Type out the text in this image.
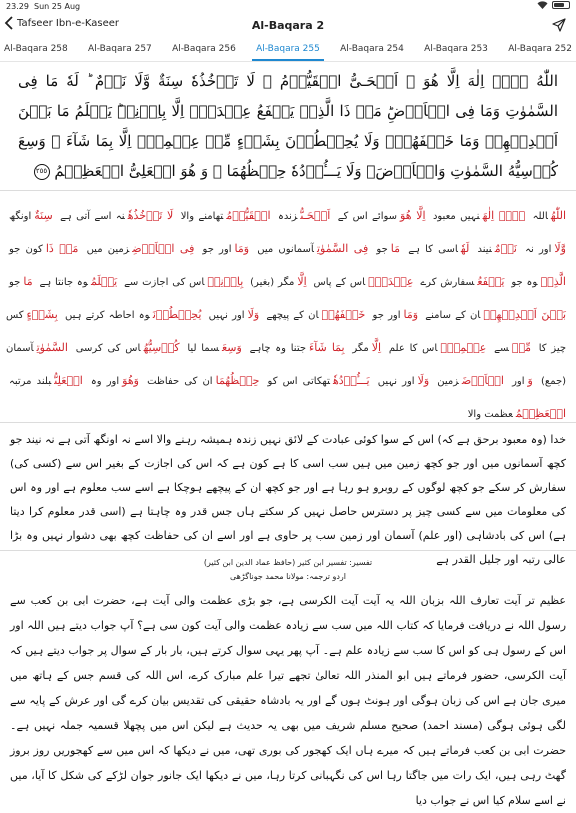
23.29 Sun 25 Aug
Tafseer Ibn-e-Kaseer	Al-Baqara 2
Al-Baqara 258	Al-Baqara 257	Al-Baqara 256	Al-Baqara 255	Al-Baqara 254	Al-Baqara 253	Al-Baqara 252
اللّٰهُ لَاۤ اِلٰهَ اِلَّا هُوَ ۚ اَلۡحَـىُّ الۡقَيُّوۡمُ ۚ لَا تَاۡخُذُهٗ سِنَةٌ وَّلَا نَوۡمٌ ‌ؕ لَهٗ مَا فِى السَّمٰوٰتِ وَمَا فِى الۡاَرۡضِ‌ؕ مَنۡ ذَا الَّذِىۡ يَشۡفَعُ عِنۡدَهٗۤ اِلَّا بِاِذۡنِهٖ‌ؕ يَعۡلَمُ مَا بَيۡنَ اَيۡدِيۡهِمۡ وَمَا خَلۡفَهُمۡ‌ۚ وَلَا يُحِيۡطُوۡنَ بِشَىۡءٍ مِّنۡ عِلۡمِهٖۤ اِلَّا بِمَا شَآءَ ۚ وَسِعَ كُرۡسِيُّهُ السَّمٰوٰتِ وَالۡاَرۡضَ‌‌ۚ وَلَا يَـــُٔوۡدُهٗ حِفۡظُهُمَا ‌ۚ وَ هُوَ الۡعَلِىُّ الۡعَظِيۡمُ ٢٥٥
اللّٰهُاللہ لَاۤ اِلٰهَنہیں معبود اِلَّا هُوَسوائے اس کے اَلۡحَـىُّزندہ الۡقَيُّوۡمُتھامنے والا لَا تَاۡخُذُهٗنہ اسے آتی ہے سِنَةٌاونگھ وَّلَااور نہ نَوۡمٌنیند لَهٗاسی کا ہے مَاجو فِى السَّمٰوٰتِآسمانوں میں وَمَااور جو فِى الۡاَرۡضِزمین میں مَنۡ ذَاکون جو الَّذِىۡوہ جو يَشۡفَعُسفارش کرے عِنۡدَهٗۤاس کے پاس اِلَّامگر (بغیر) بِاِذۡنِهٖاس کی اجازت سے يَعۡلَمُوہ جانتا ہے مَاجو بَيۡنَ اَيۡدِيۡهِمۡان کے سامنے وَمَااور جو خَلۡفَهُمۡان کے پیچھے وَلَااور نہیں يُحِيۡطُوۡنَوہ احاطہ کرتے ہیں بِشَىۡءٍکس چیز کا مِّنۡسے عِلۡمِهٖۤاس کا علم اِلَّامگر بِمَا شَآءَجتنا وہ چاہے وَسِعَسما لیا كُرۡسِيُّهُاس کی کرسی السَّمٰوٰتِآسمان (جمع) وَاور الۡاَرۡضَزمین وَلَااور نہیں يَـــُٔوۡدُهٗتھکاتی اس کو حِفۡظُهُمَاان کی حفاظت وَهُوَاور وہ الۡعَلِىُّبلند مرتبہ الۡعَظِيۡمُعظمت والا
خدا (وہ معبود برحق ہے کہ) اس کے سوا کوئی عبادت کے لائق نہیں زندہ ہمیشہ رہنے والا اسے نہ اونگھ آتی ہے نہ نیند جو کچھ آسمانوں میں اور جو کچھ زمین میں ہیں سب اسی کا ہے کون ہے کہ اس کی اجازت کے بغیر اس سے (کسی کی) سفارش کر سکے جو کچھ لوگوں کے روبرو ہو رہا ہے اور جو کچھ ان کے پیچھے ہوچکا ہے اسے سب معلوم ہے اور وہ اس کی معلومات میں سے کسی چیز پر دسترس حاصل نہیں کر سکتے ہاں جس قدر وہ چاہتا ہے (اسی قدر معلوم کرا دیتا ہے) اس کی بادشاہی (اور علم) آسمان اور زمین سب پر حاوی ہے اور اسے ان کی حفاظت کچھ بھی دشوار نہیں وہ بڑا عالی رتبہ اور جلیل القدر ہے
تفسیر: تفسیر ابن کثیر (حافظ عماد الدین ابن کثیر)
اردو ترجمہ: مولانا محمد جوناگڑھی
عظیم تر آیت تعارف اللہ بزبان اللہ یہ آیت آیت الکرسی ہے، جو بڑی عظمت والی آیت ہے، حضرت ابی بن کعب سے رسول اللہ نے دریافت فرمایا کہ کتاب اللہ میں سب سے زیادہ عظمت والی آیت کون سی ہے؟ آپ جواب دیتے ہیں اللہ اور اس کے رسول ہی کو اس کا سب سے زیادہ علم ہے۔ آپ پھر یہی سوال کرتے ہیں، بار بار کے سوال پر جواب دیتے ہیں کہ آیت الکرسی، حضور فرماتے ہیں ابو المنذر اللہ تعالیٰ تجھے تیرا علم مبارک کرے، اس اللہ کی قسم جس کے ہاتھ میں میری جان ہے اس کی زبان ہوگی اور ہونٹ ہوں گے اور یہ بادشاہ حقیقی کی تقدیس بیان کرے گی اور عرش کے پایہ سے لگی ہوئی ہوگی (مسند احمد) صحیح مسلم شریف میں بھی یہ حدیث ہے لیکن اس میں پچھلا قسمیہ جملہ نہیں ہے۔ حضرت ابی بن کعب فرماتے ہیں کہ میرے ہاں ایک کھجور کی بوری تھی، میں نے دیکھا کہ اس میں سے کھجوریں روز بروز گھٹ رہی ہیں، ایک رات میں جاگتا رہا اس کی نگہبانی کرتا رہا، میں نے دیکھا ایک جانور جوان لڑکے کی شکل کا آیا، میں نے اسے سلام کیا اس نے جواب دیا
